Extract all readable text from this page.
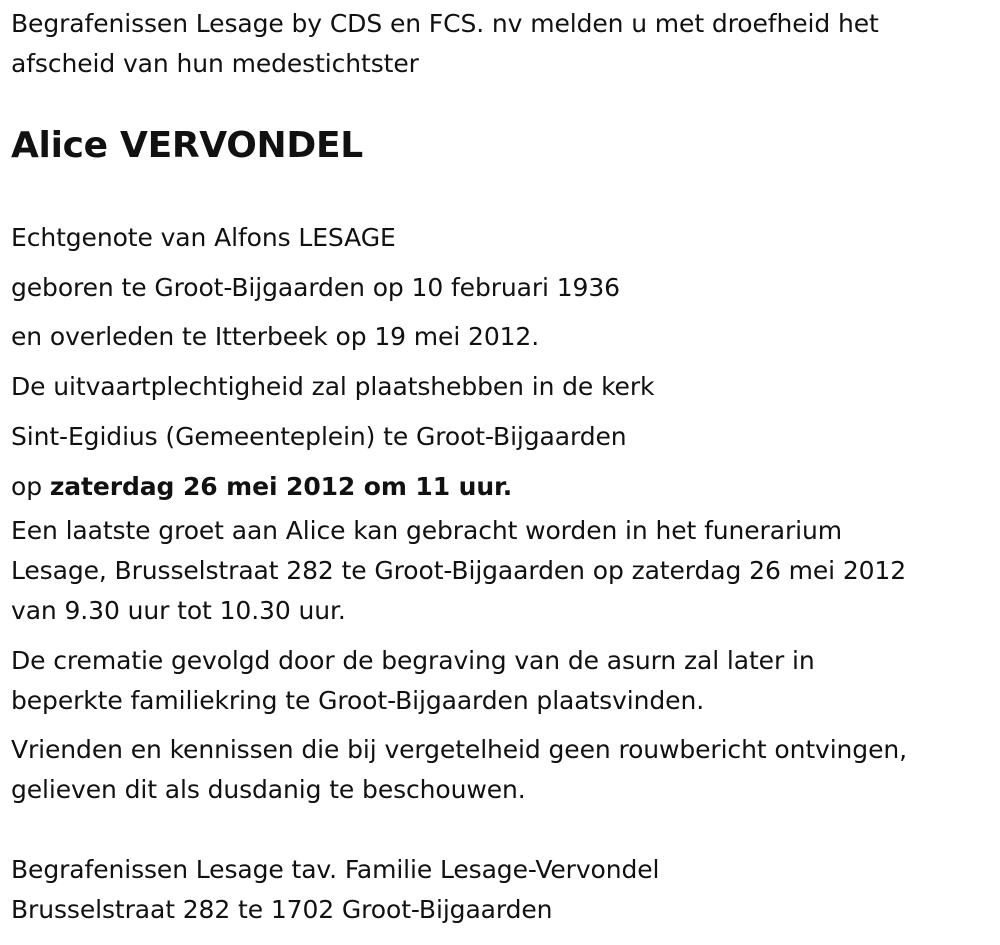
Begrafenissen Lesage by CDS en FCS. nv melden u met droefheid het
afscheid van hun medestichtster
Alice VERVONDEL
Echtgenote van Alfons LESAGE
geboren te Groot-Bijgaarden op 10 februari 1936
en overleden te Itterbeek op 19 mei 2012.
De uitvaartplechtigheid zal plaatshebben in de kerk
Sint-Egidius (Gemeenteplein) te Groot-Bijgaarden
op zaterdag 26 mei 2012 om 11 uur.
Een laatste groet aan Alice kan gebracht worden in het funerarium
Lesage, Brusselstraat 282 te Groot-Bijgaarden op zaterdag 26 mei 2012
van 9.30 uur tot 10.30 uur.
De crematie gevolgd door de begraving van de asurn zal later in
beperkte familiekring te Groot-Bijgaarden plaatsvinden.
Vrienden en kennissen die bij vergetelheid geen rouwbericht ontvingen,
gelieven dit als dusdanig te beschouwen.
Begrafenissen Lesage tav. Familie Lesage-Vervondel
Brusselstraat 282 te 1702 Groot-Bijgaarden
